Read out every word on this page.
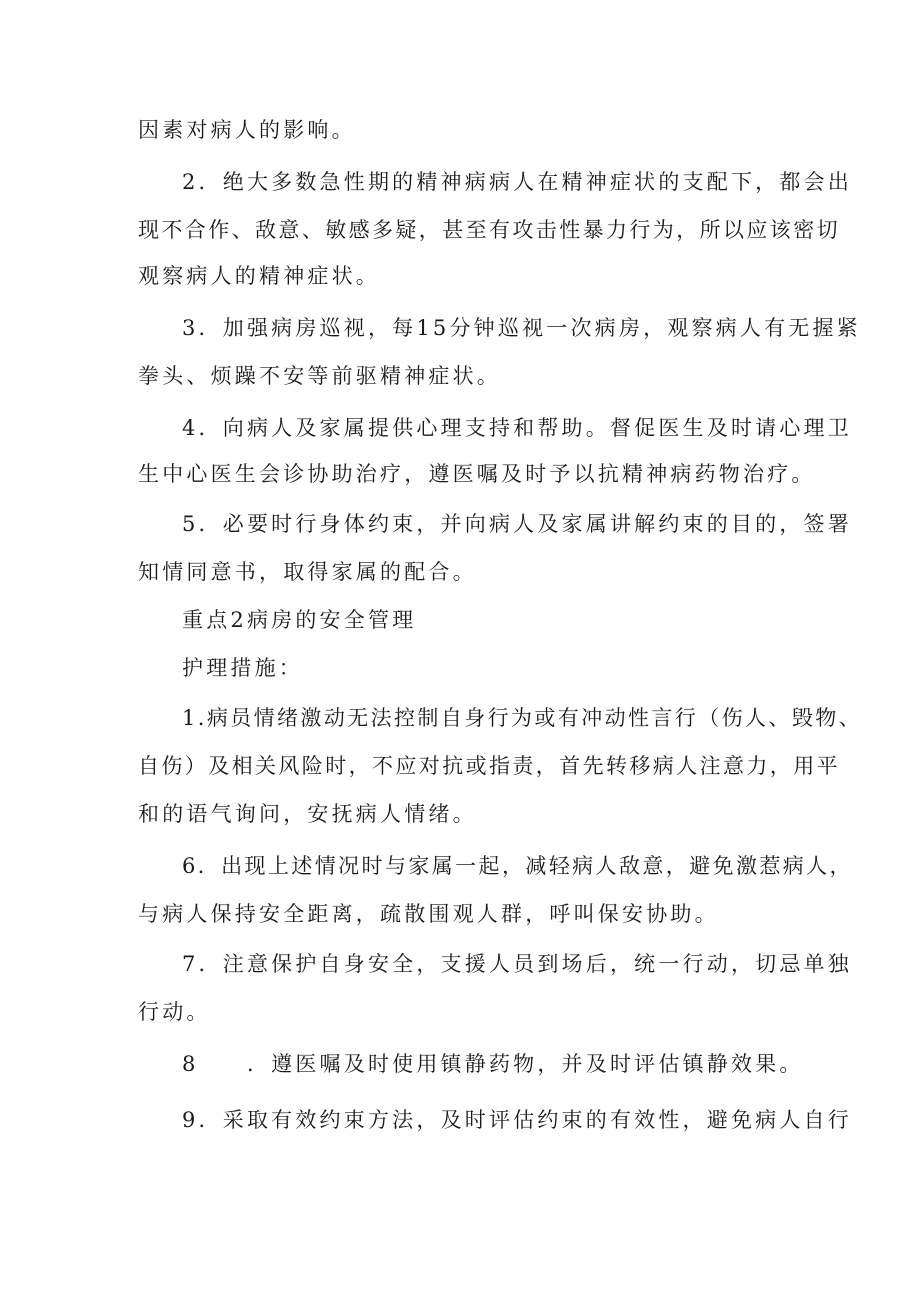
因素对病人的影响。
2．绝大多数急性期的精神病病人在精神症状的支配下，都会出
现不合作、敌意、敏感多疑，甚至有攻击性暴力行为，所以应该密切
观察病人的精神症状。
3．加强病房巡视，每15分钟巡视一次病房，观察病人有无握紧
拳头、烦躁不安等前驱精神症状。
4．向病人及家属提供心理支持和帮助。督促医生及时请心理卫
生中心医生会诊协助治疗，遵医嘱及时予以抗精神病药物治疗。
5．必要时行身体约束，并向病人及家属讲解约束的目的，签署
知情同意书，取得家属的配合。
重点2病房的安全管理
护理措施：
1.病员情绪激动无法控制自身行为或有冲动性言行（伤人、毁物、
自伤）及相关风险时，不应对抗或指责，首先转移病人注意力，用平
和的语气询问，安抚病人情绪。
6．出现上述情况时与家属一起，减轻病人敌意，避免激惹病人，
与病人保持安全距离，疏散围观人群，呼叫保安协助。
7．注意保护自身安全，支援人员到场后，统一行动，切忌单独
行动。
8　　．遵医嘱及时使用镇静药物，并及时评估镇静效果。
9．采取有效约束方法，及时评估约束的有效性，避免病人自行
